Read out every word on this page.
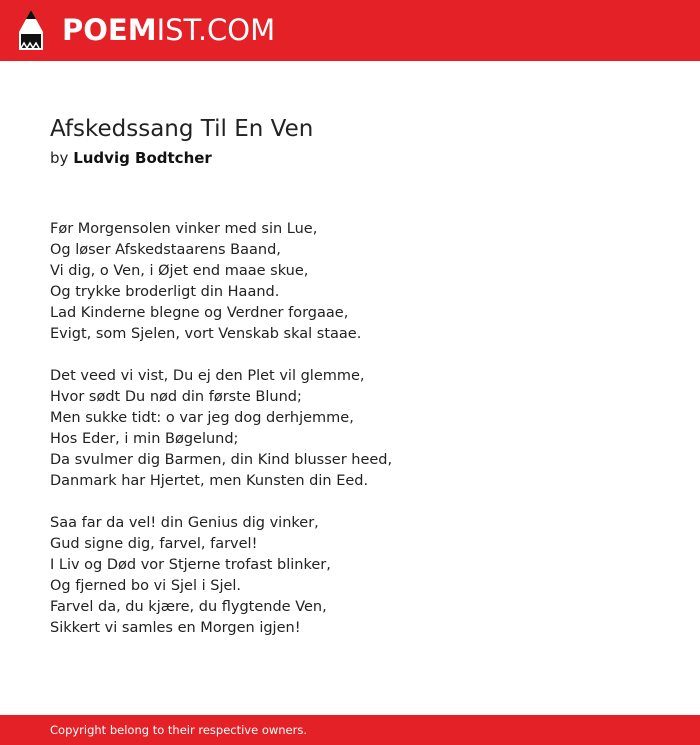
POEMIST.COM
Afskedssang Til En Ven
by Ludvig Bodtcher
Før Morgensolen vinker med sin Lue,
Og løser Afskedstaarens Baand,
Vi dig, o Ven, i Øjet end maae skue,
Og trykke broderligt din Haand.
Lad Kinderne blegne og Verdner forgaae,
Evigt, som Sjelen, vort Venskab skal staae.
Det veed vi vist, Du ej den Plet vil glemme,
Hvor sødt Du nød din første Blund;
Men sukke tidt: o var jeg dog derhjemme,
Hos Eder, i min Bøgelund;
Da svulmer dig Barmen, din Kind blusser heed,
Danmark har Hjertet, men Kunsten din Eed.
Saa far da vel! din Genius dig vinker,
Gud signe dig, farvel, farvel!
I Liv og Død vor Stjerne trofast blinker,
Og fjerned bo vi Sjel i Sjel.
Farvel da, du kjære, du flygtende Ven,
Sikkert vi samles en Morgen igjen!
Copyright belong to their respective owners.
